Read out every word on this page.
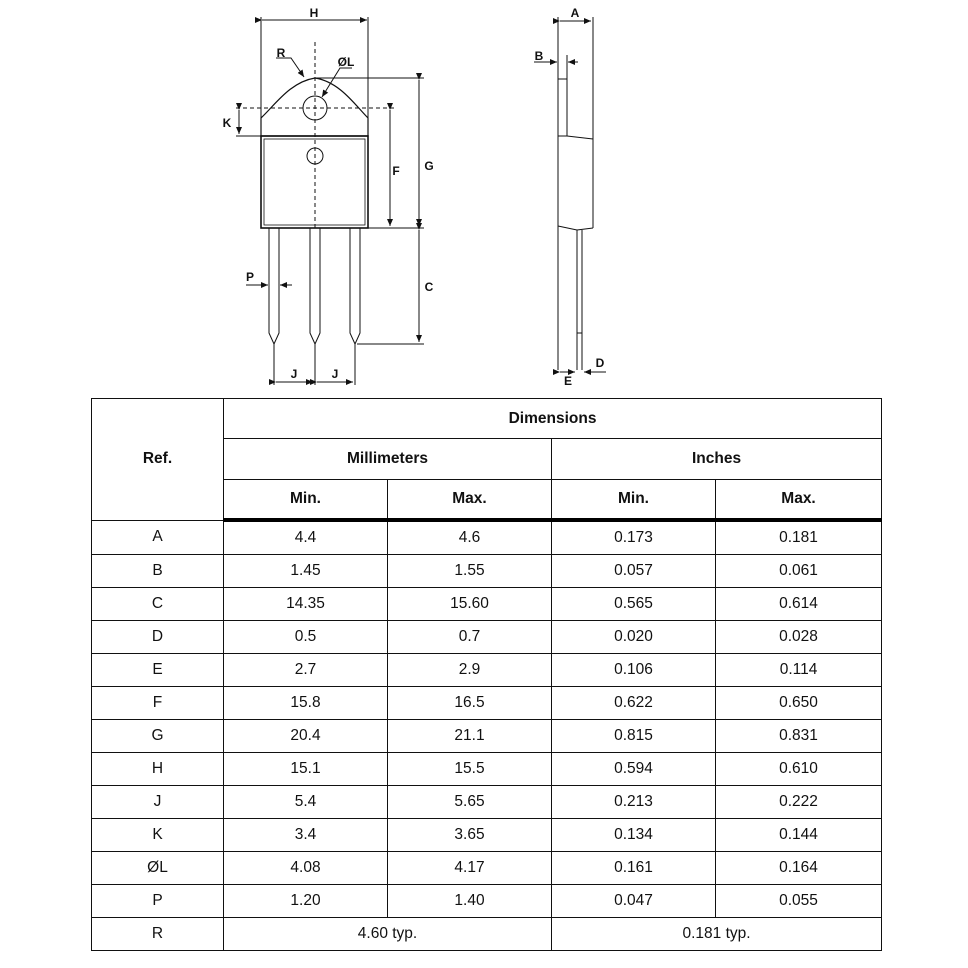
H
R
ØL
K
F G
P
C
J	J
A
B
D
E
Ref.	Dimensions			
	Millimeters		Inches	
	Min.	Max.	Min.	Max.
A	4.4	4.6	0.173	0.181
B	1.45	1.55	0.057	0.061
C	14.35	15.60	0.565	0.614
D	0.5	0.7	0.020	0.028
E	2.7	2.9	0.106	0.114
F	15.8	16.5	0.622	0.650
G	20.4	21.1	0.815	0.831
H	15.1	15.5	0.594	0.610
J	5.4	5.65	0.213	0.222
K	3.4	3.65	0.134	0.144
ØL	4.08	4.17	0.161	0.164
P	1.20	1.40	0.047	0.055
R	4.60 typ.		0.181 typ.	
